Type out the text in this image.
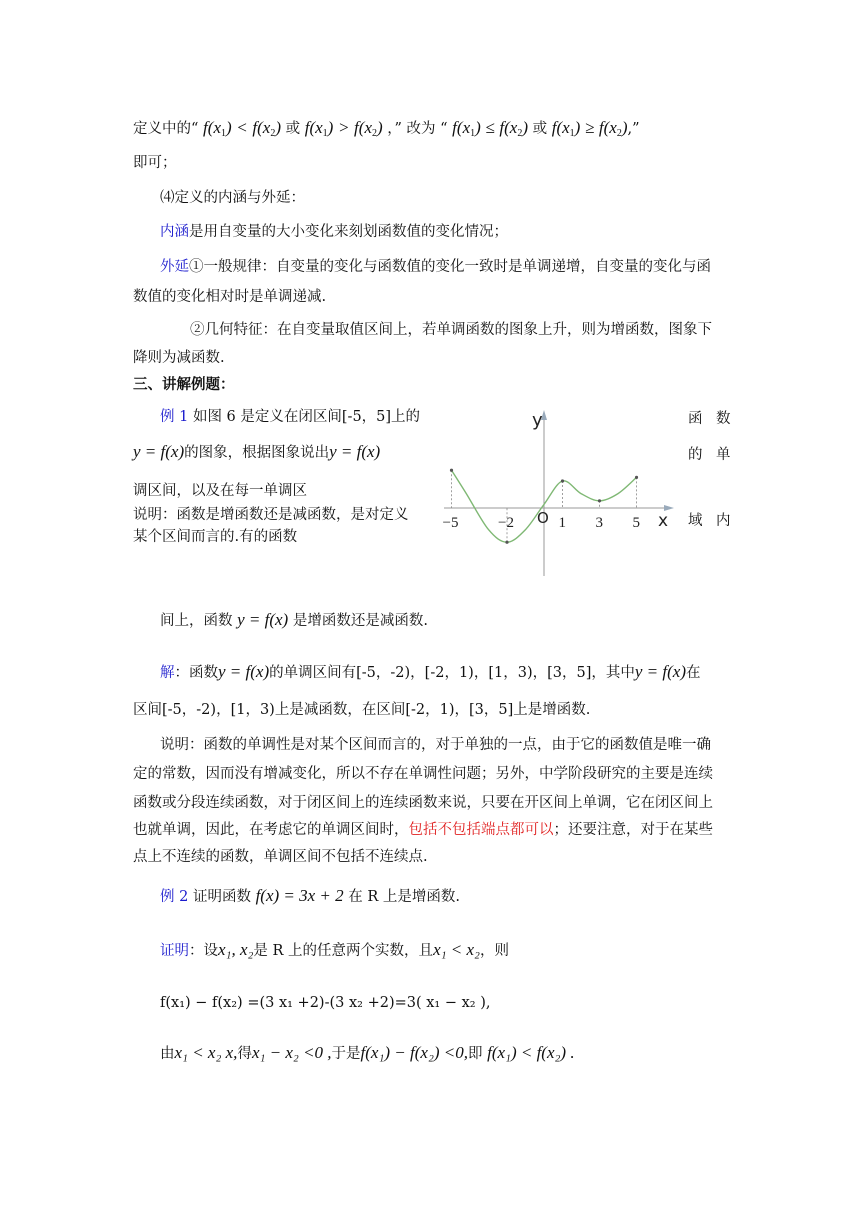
定义中的“ $f(x_1) < f(x_2)$ 或 $f(x_1) > f(x_2)$ ，” 改为 “ $f(x_1) \le f(x_2)$ 或 $f(x_1) \ge f(x_2)$,”
即可；
⑷定义的内涵与外延：
内涵是用自变量的大小变化来刻划函数值的变化情况；
外延①一般规律：自变量的变化与函数值的变化一致时是单调递增，自变量的变化与函
数值的变化相对时是单调递减.
②几何特征：在自变量取值区间上，若单调函数的图象上升，则为增函数，图象下
降则为减函数.
三、讲解例题：
例 1 如图 6 是定义在闭区间[-5，5]上的
y = f(x)的图象，根据图象说出y = f(x)
调区间，以及在每一单调区
说明：函数是增函数还是减函数，是对定义
某个区间而言的.有的函数
函 数
的 单
域 内
y
x
O
−5	−2	1 3 5
间上，函数 y = f(x) 是增函数还是减函数.
解：函数y = f(x)的单调区间有[-5，-2)，[-2，1)，[1，3)，[3，5]，其中y = f(x)在
区间[-5，-2)，[1，3)上是减函数，在区间[-2，1)，[3，5]上是增函数.
说明：函数的单调性是对某个区间而言的，对于单独的一点，由于它的函数值是唯一确
定的常数，因而没有增减变化，所以不存在单调性问题；另外，中学阶段研究的主要是连续
函数或分段连续函数，对于闭区间上的连续函数来说，只要在开区间上单调，它在闭区间上
也就单调，因此，在考虑它的单调区间时，包括不包括端点都可以；还要注意，对于在某些
点上不连续的函数，单调区间不包括不连续点.
例 2 证明函数 f(x) = 3x + 2 在 R 上是增函数.
证明：设x₁, x₂是 R 上的任意两个实数，且x₁ < x₂，则
f(x₁) − f(x₂) =(3 x₁ +2)-(3 x₂ +2)=3( x₁ − x₂ ),
由x₁ < x₂ x,得x₁ − x₂ <0 ,于是f(x₁) − f(x₂) <0,即 f(x₁) < f(x₂) .
